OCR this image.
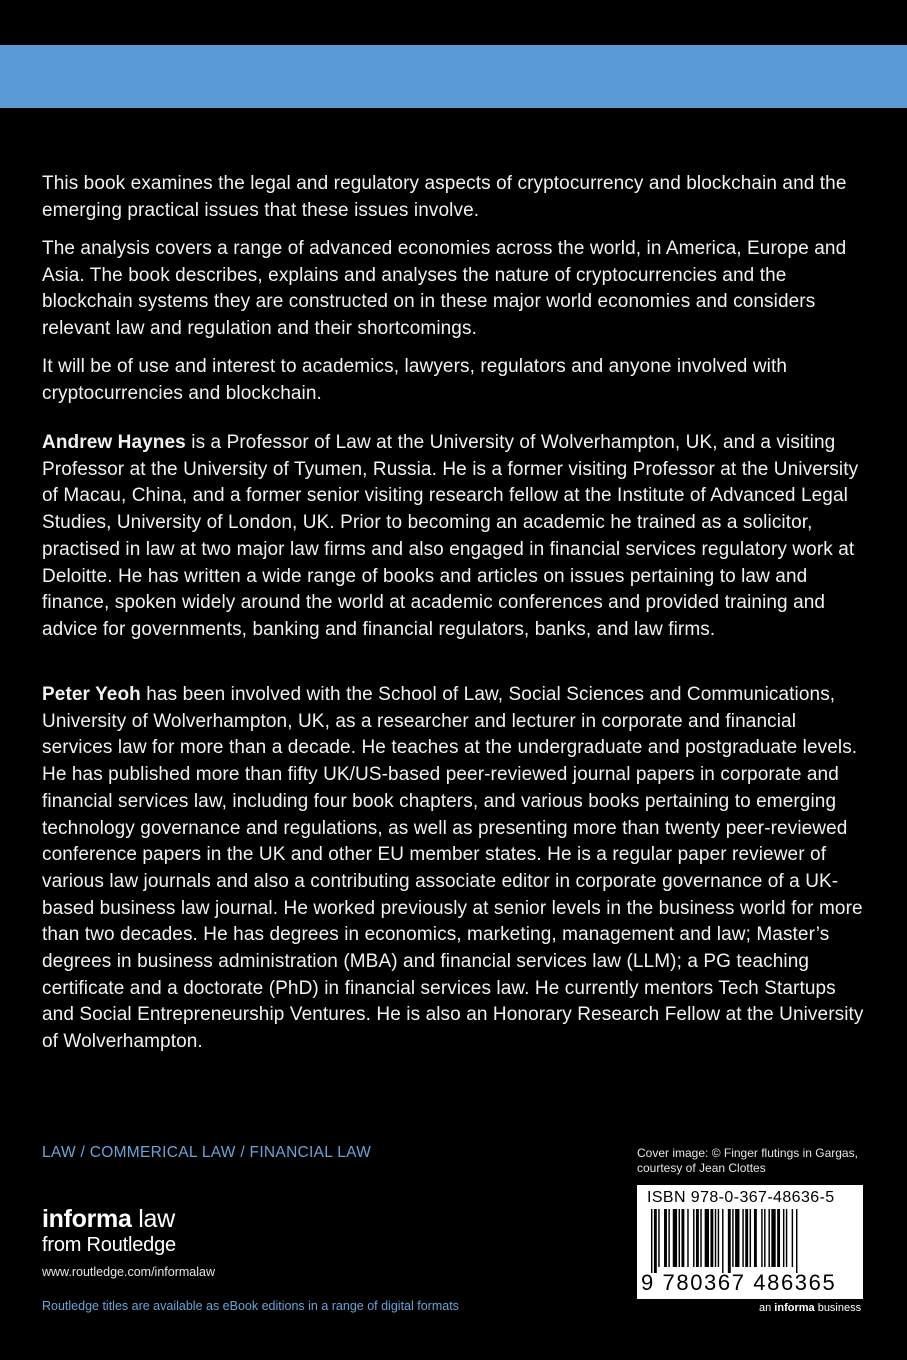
This book examines the legal and regulatory aspects of cryptocurrency and blockchain and the emerging practical issues that these issues involve.

The analysis covers a range of advanced economies across the world, in America, Europe and Asia. The book describes, explains and analyses the nature of cryptocurrencies and the blockchain systems they are constructed on in these major world economies and considers relevant law and regulation and their shortcomings.

It will be of use and interest to academics, lawyers, regulators and anyone involved with cryptocurrencies and blockchain.

Andrew Haynes is a Professor of Law at the University of Wolverhampton, UK, and a visiting Professor at the University of Tyumen, Russia. He is a former visiting Professor at the University of Macau, China, and a former senior visiting research fellow at the Institute of Advanced Legal Studies, University of London, UK. Prior to becoming an academic he trained as a solicitor, practised in law at two major law firms and also engaged in financial services regulatory work at Deloitte. He has written a wide range of books and articles on issues pertaining to law and finance, spoken widely around the world at academic conferences and provided training and advice for governments, banking and financial regulators, banks, and law firms.

Peter Yeoh has been involved with the School of Law, Social Sciences and Communications, University of Wolverhampton, UK, as a researcher and lecturer in corporate and financial services law for more than a decade. He teaches at the undergraduate and postgraduate levels. He has published more than fifty UK/US-based peer-reviewed journal papers in corporate and financial services law, including four book chapters, and various books pertaining to emerging technology governance and regulations, as well as presenting more than twenty peer-reviewed conference papers in the UK and other EU member states. He is a regular paper reviewer of various law journals and also a contributing associate editor in corporate governance of a UK-based business law journal. He worked previously at senior levels in the business world for more than two decades. He has degrees in economics, marketing, management and law; Master’s degrees in business administration (MBA) and financial services law (LLM); a PG teaching certificate and a doctorate (PhD) in financial services law. He currently mentors Tech Startups and Social Entrepreneurship Ventures. He is also an Honorary Research Fellow at the University of Wolverhampton.

LAW / COMMERICAL LAW / FINANCIAL LAW
informa law
from Routledge
www.routledge.com/informalaw
Routledge titles are available as eBook editions in a range of digital formats

Cover image: © Finger flutings in Gargas,

courtesy of Jean Clottes

ISBN 978-0-367-48636-5
9 780367 486365
an informa business
